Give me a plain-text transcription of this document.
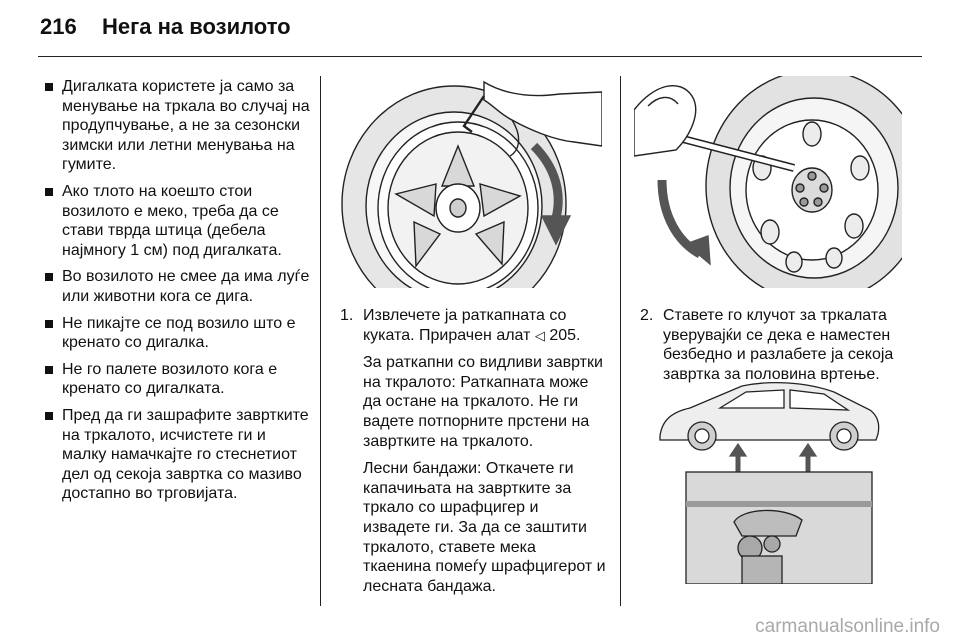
216 Нега на возилото
Дигалката користете ја само за менување на тркала во случај на продупчување, а не за сезонски зимски или летни менувања на гумите.
Ако тлото на коешто стои возилото е меко, треба да се стави тврда штица (дебела најмногу 1 см) под дигалката.
Во возилото не смее да има луѓе или животни кога се дига.
Не пикајте се под возило што е кренато со дигалка.
Не го палете возилото кога е кренато со дигалката.
Пред да ги зашрафите завртките на тркалото, исчистете ги и малку намачкајте го стеснетиот дел од секоја завртка со мазиво достапно во трговијата.
1. Извлечете ја раткапната со куката. Прирачен алат ◁ 205.

За раткапни со видливи завртки на ткралото: Раткапната може да остане на тркалото. Не ги вадете потпорните прстени на завртките на тркалото.

Лесни бандажи: Откачете ги капачињата на завртките за тркало со шрафцигер и извадете ги. За да се заштити тркалото, ставете мека ткаенина помеѓу шрафцигерот и лесната бандажа.

2. Ставете го клучот за тркалата уверувајќи се дека е наместен безбедно и разлабете ја секоја завртка за половина вртење.

carmanualsonline.info
